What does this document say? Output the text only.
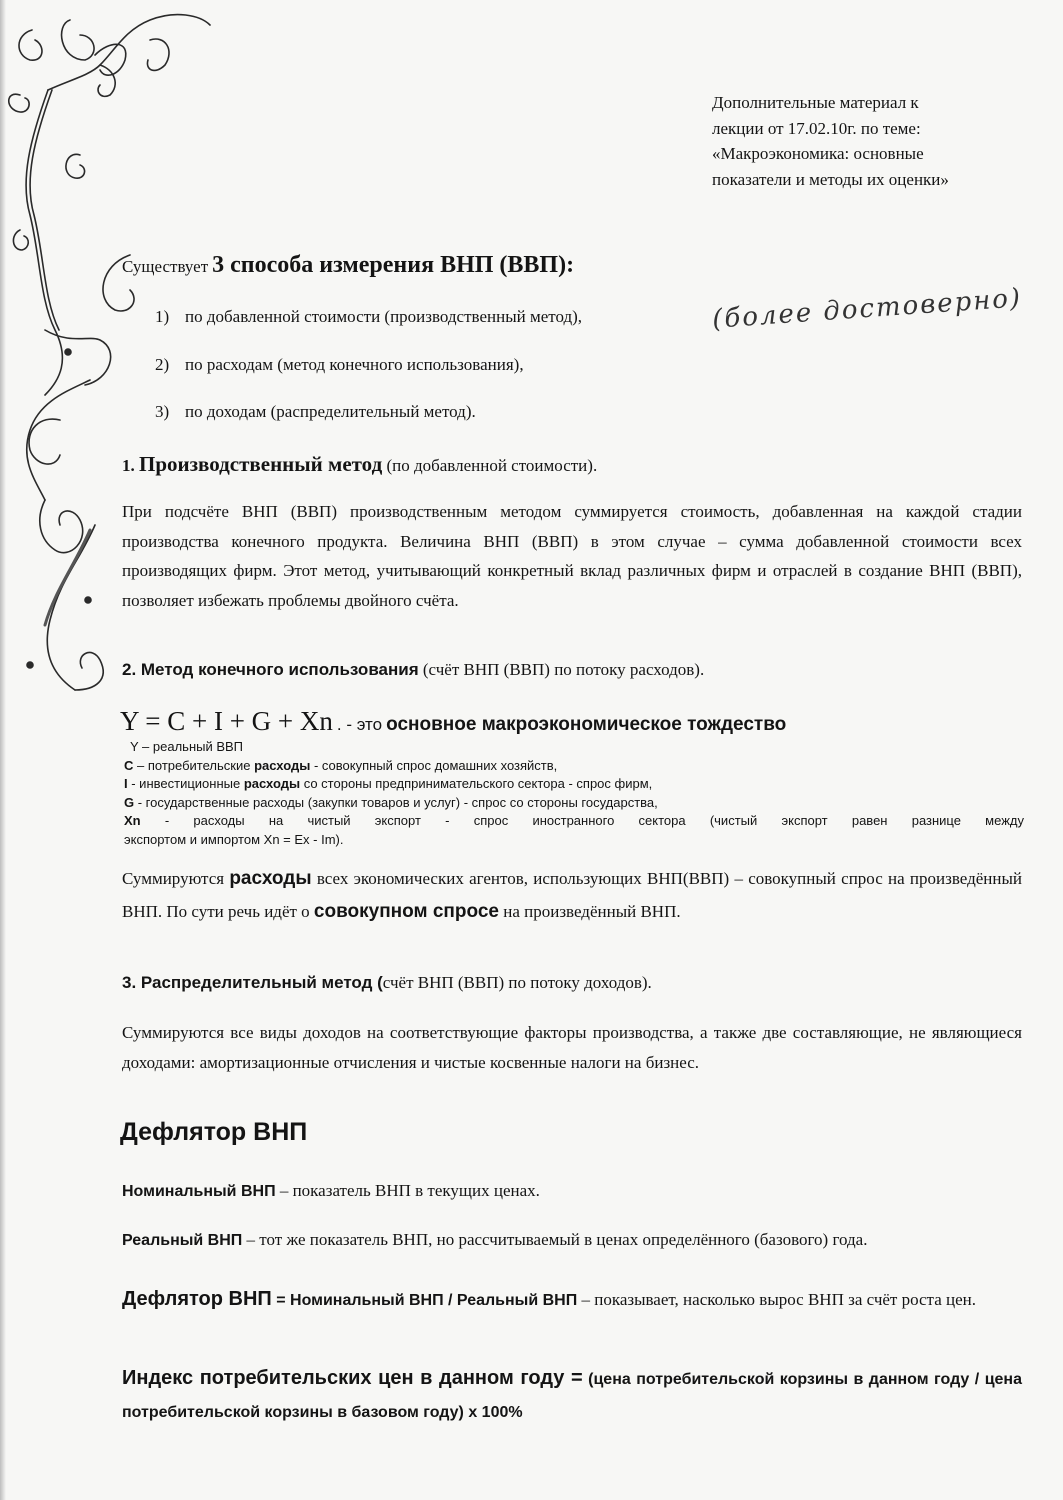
Дополнительные материал к
лекции от 17.02.10г. по теме:
«Макроэкономика: основные
показатели и методы их оценки»
Существует 3 способа измерения ВНП (ВВП):
1) по добавленной стоимости (производственный метод),
2) по расходам (метод конечного использования),
3) по доходам (распределительный метод).
(более достоверно)
1. Производственный метод (по добавленной стоимости).
При подсчёте ВНП (ВВП) производственным методом суммируется стоимость, добавленная на каждой стадии производства конечного продукта. Величина ВНП (ВВП) в этом случае – сумма добавленной стоимости всех производящих фирм. Этот метод, учитывающий конкретный вклад различных фирм и отраслей в создание ВНП (ВВП), позволяет избежать проблемы двойного счёта.
2. Метод конечного использования (счёт ВНП (ВВП) по потоку расходов).
Y = C + I + G + Xn . - это основное макроэкономическое тождество
Y – реальный ВВП
C – потребительские расходы - совокупный спрос домашних хозяйств,
I - инвестиционные расходы со стороны предпринимательского сектора - спрос фирм,
G - государственные расходы (закупки товаров и услуг) - спрос со стороны государства,
Xn - расходы на чистый экспорт - спрос иностранного сектора (чистый экспорт равен разнице между
экспортом и импортом Xn = Ex - Im).
Суммируются расходы всех экономических агентов, использующих ВНП(ВВП) – совокупный спрос на произведённый ВНП. По сути речь идёт о совокупном спросе на произведённый ВНП.
3. Распределительный метод (счёт ВНП (ВВП) по потоку доходов).
Суммируются все виды доходов на соответствующие факторы производства, а также две составляющие, не являющиеся доходами: амортизационные отчисления и чистые косвенные налоги на бизнес.
Дефлятор ВНП
Номинальный ВНП – показатель ВНП в текущих ценах.
Реальный ВНП – тот же показатель ВНП, но рассчитываемый в ценах определённого (базового) года.
Дефлятор ВНП = Номинальный ВНП / Реальный ВНП – показывает, насколько вырос ВНП за счёт роста цен.
Индекс потребительских цен в данном году = (цена потребительской корзины в данном году / цена потребительской корзины в базовом году) х 100%
